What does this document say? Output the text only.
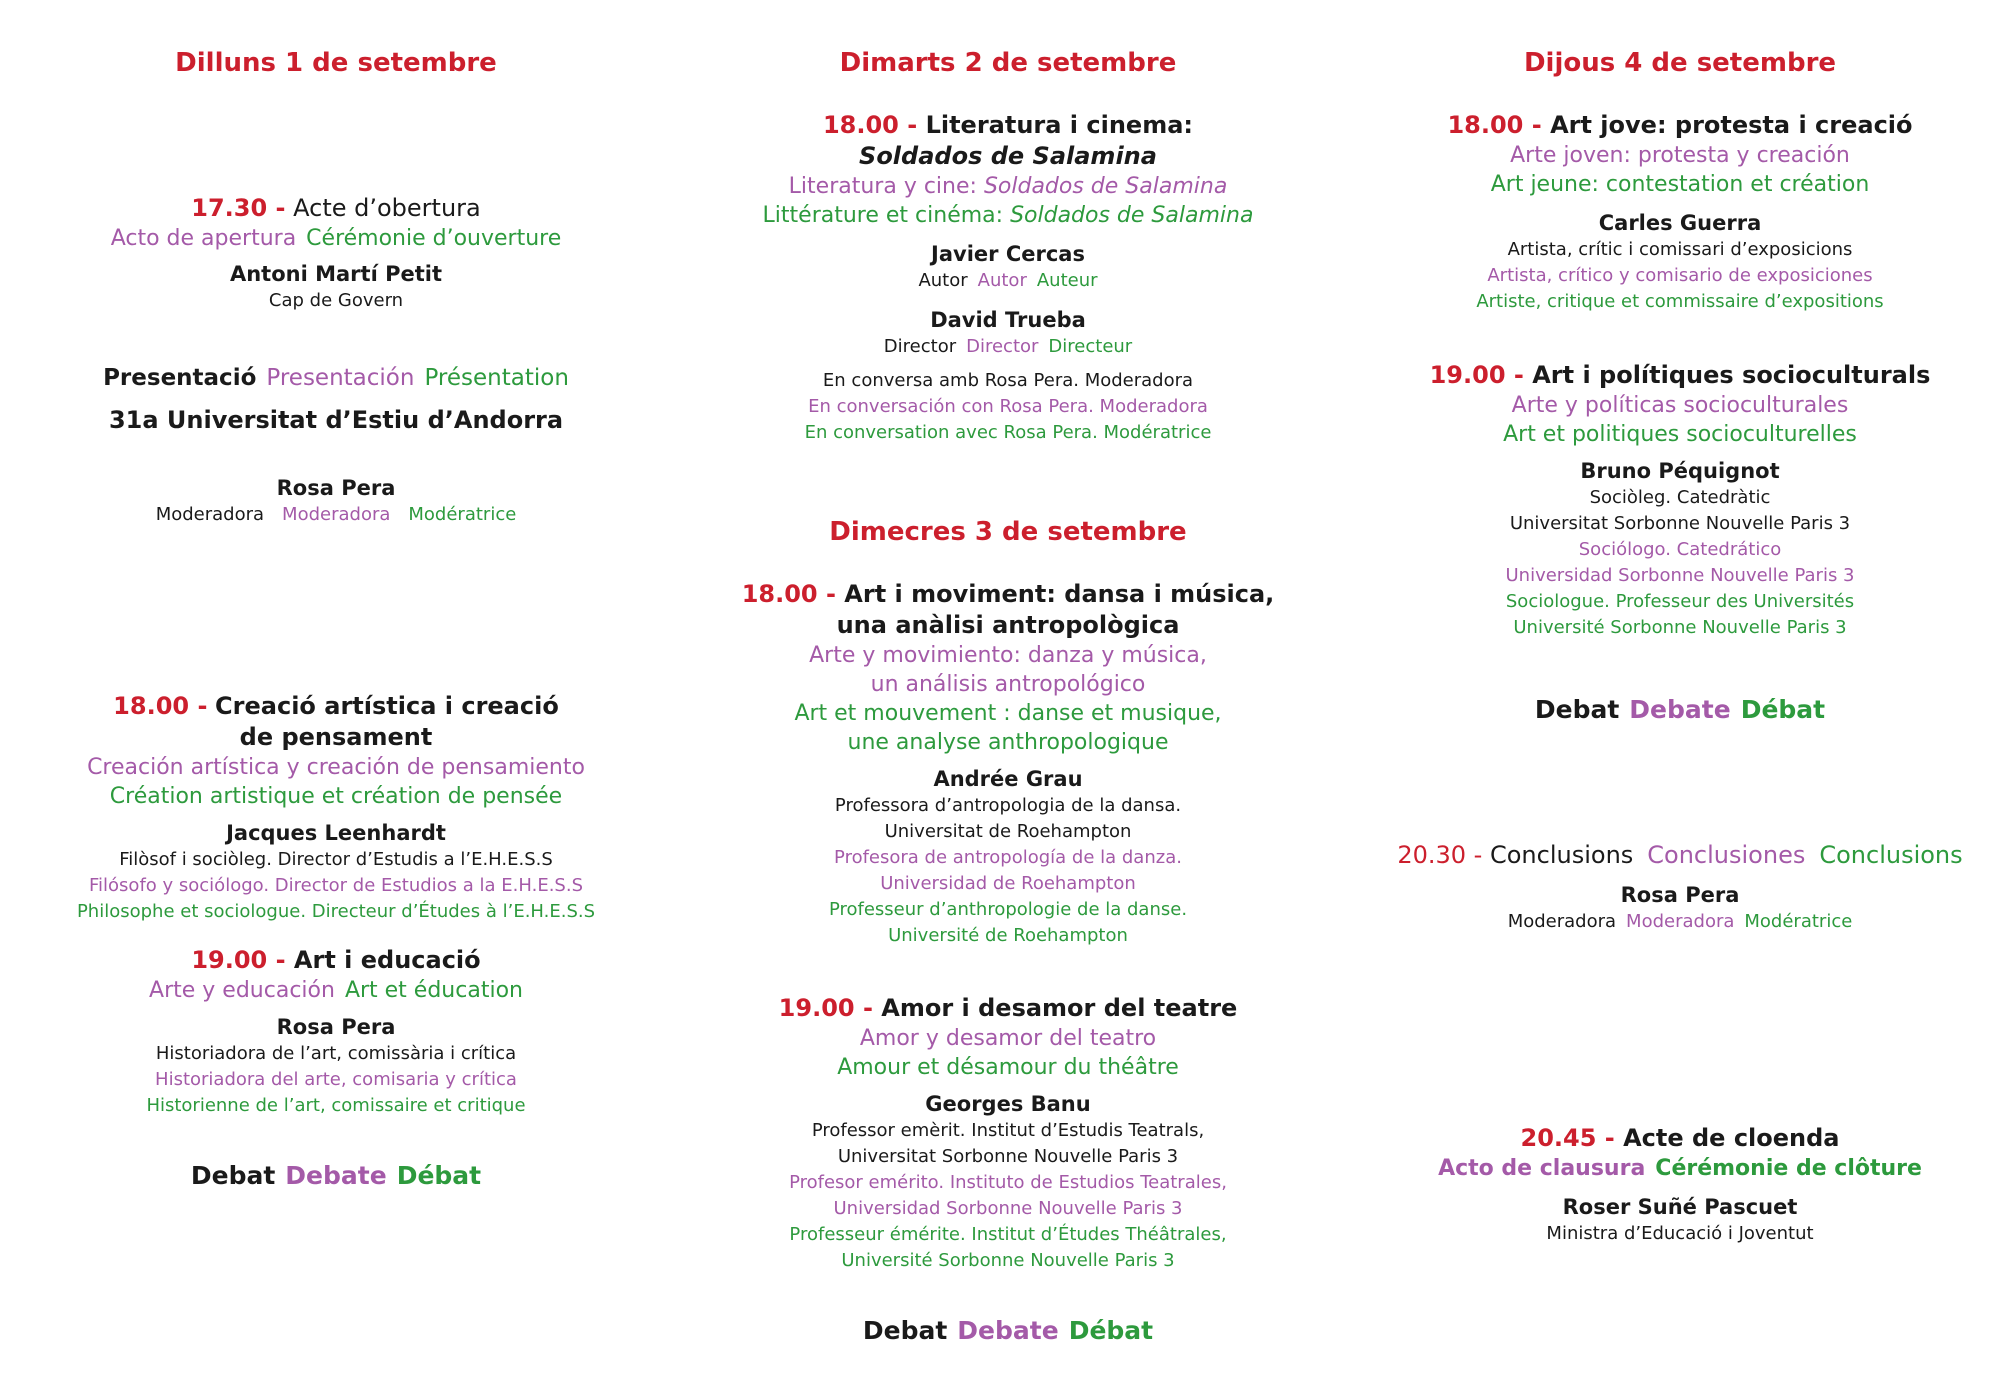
Dilluns 1 de setembre
17.30 - Acte d’obertura
Acto de apertura Cérémonie d’ouverture
Antoni Martí Petit
Cap de Govern
Presentació Presentación Présentation
31a Universitat d’Estiu d’Andorra
Rosa Pera
Moderadora Moderadora Modératrice
18.00 - Creació artística i creació
de pensament
Creación artística y creación de pensamiento
Création artistique et création de pensée
Jacques Leenhardt
Filòsof i sociòleg. Director d’Estudis a l’E.H.E.S.S
Filósofo y sociólogo. Director de Estudios a la E.H.E.S.S
Philosophe et sociologue. Directeur d’Études à l’E.H.E.S.S
19.00 - Art i educació
Arte y educación Art et éducation
Rosa Pera
Historiadora de l’art, comissària i crítica
Historiadora del arte, comisaria y crítica
Historienne de l’art, comissaire et critique
Debat Debate Débat
Dimarts 2 de setembre
18.00 - Literatura i cinema:
Soldados de Salamina
Literatura y cine: Soldados de Salamina
Littérature et cinéma: Soldados de Salamina
Javier Cercas
Autor Autor Auteur
David Trueba
Director Director Directeur
En conversa amb Rosa Pera. Moderadora
En conversación con Rosa Pera. Moderadora
En conversation avec Rosa Pera. Modératrice
Dimecres 3 de setembre
18.00 - Art i moviment: dansa i música,
una anàlisi antropològica
Arte y movimiento: danza y música,
un análisis antropológico
Art et mouvement : danse et musique,
une analyse anthropologique
Andrée Grau
Professora d’antropologia de la dansa.
Universitat de Roehampton
Profesora de antropología de la danza.
Universidad de Roehampton
Professeur d’anthropologie de la danse.
Université de Roehampton
19.00 - Amor i desamor del teatre
Amor y desamor del teatro
Amour et désamour du théâtre
Georges Banu
Professor emèrit. Institut d’Estudis Teatrals,
Universitat Sorbonne Nouvelle Paris 3
Profesor emérito. Instituto de Estudios Teatrales,
Universidad Sorbonne Nouvelle Paris 3
Professeur émérite. Institut d’Études Théâtrales,
Université Sorbonne Nouvelle Paris 3
Debat Debate Débat
Dijous 4 de setembre
18.00 - Art jove: protesta i creació
Arte joven: protesta y creación
Art jeune: contestation et création
Carles Guerra
Artista, crític i comissari d’exposicions
Artista, crítico y comisario de exposiciones
Artiste, critique et commissaire d’expositions
19.00 - Art i polítiques socioculturals
Arte y políticas socioculturales
Art et politiques socioculturelles
Bruno Péquignot
Sociòleg. Catedràtic
Universitat Sorbonne Nouvelle Paris 3
Sociólogo. Catedrático
Universidad Sorbonne Nouvelle Paris 3
Sociologue. Professeur des Universités
Université Sorbonne Nouvelle Paris 3
Debat Debate Débat
20.30 - Conclusions Conclusiones Conclusions
Rosa Pera
Moderadora Moderadora Modératrice
20.45 - Acte de cloenda
Acto de clausura Cérémonie de clôture
Roser Suñé Pascuet
Ministra d’Educació i Joventut
